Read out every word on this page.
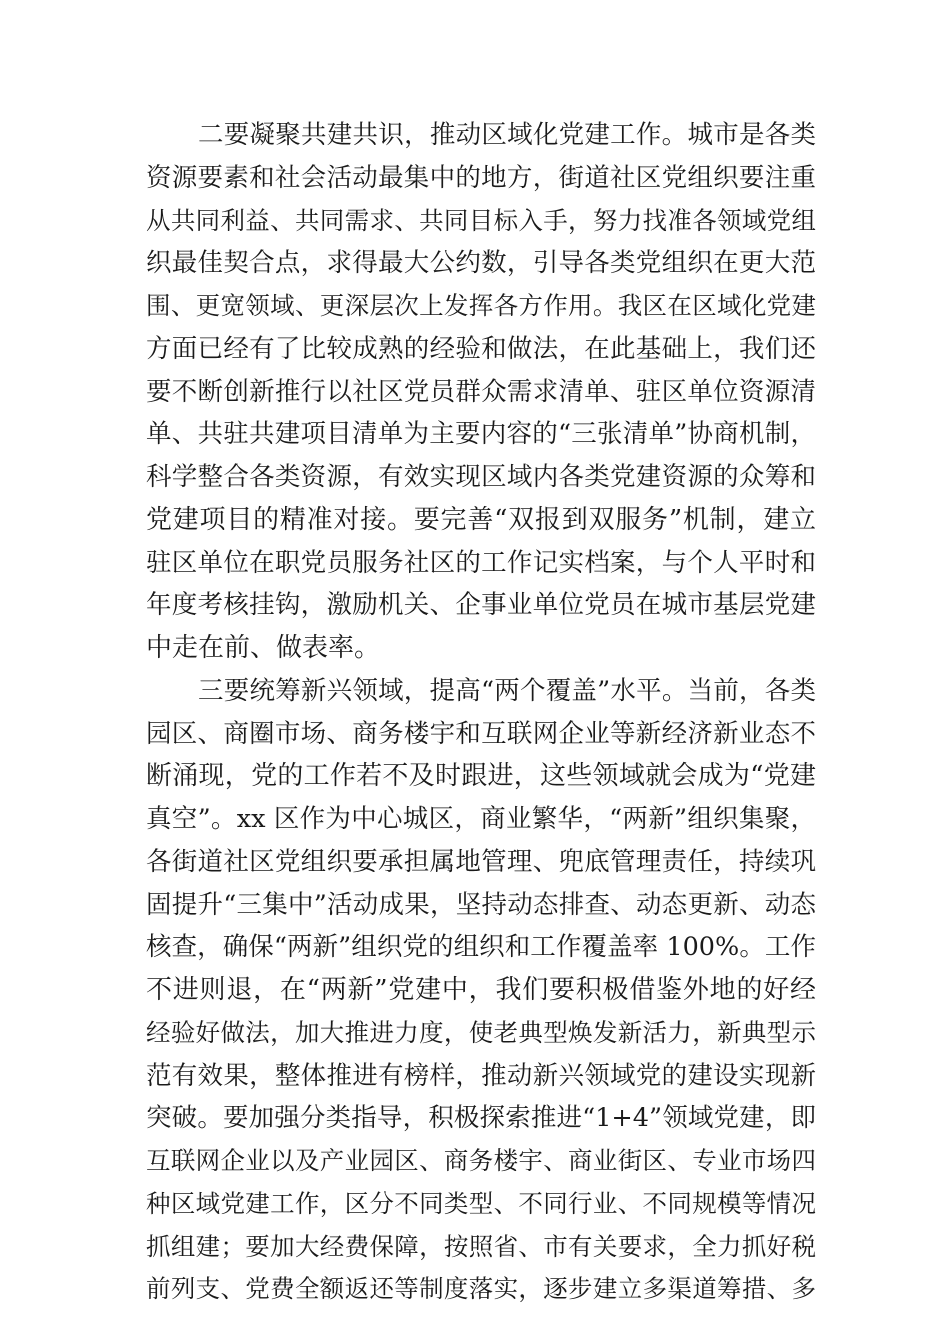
二要凝聚共建共识，推动区域化党建工作。城市是各类
资源要素和社会活动最集中的地方，街道社区党组织要注重
从共同利益、共同需求、共同目标入手，努力找准各领域党组
织最佳契合点，求得最大公约数，引导各类党组织在更大范
围、更宽领域、更深层次上发挥各方作用。我区在区域化党建
方面已经有了比较成熟的经验和做法，在此基础上，我们还
要不断创新推行以社区党员群众需求清单、驻区单位资源清
单、共驻共建项目清单为主要内容的“三张清单”协商机制，
科学整合各类资源，有效实现区域内各类党建资源的众筹和
党建项目的精准对接。要完善“双报到双服务”机制，建立
驻区单位在职党员服务社区的工作记实档案，与个人平时和
年度考核挂钩，激励机关、企事业单位党员在城市基层党建
中走在前、做表率。
三要统筹新兴领域，提高“两个覆盖”水平。当前，各类
园区、商圈市场、商务楼宇和互联网企业等新经济新业态不
断涌现，党的工作若不及时跟进，这些领域就会成为“党建
真空”。xx 区作为中心城区，商业繁华，“两新”组织集聚，
各街道社区党组织要承担属地管理、兜底管理责任，持续巩
固提升“三集中”活动成果，坚持动态排查、动态更新、动态
核查，确保“两新”组织党的组织和工作覆盖率 100%。工作
不进则退，在“两新”党建中，我们要积极借鉴外地的好经
经验好做法，加大推进力度，使老典型焕发新活力，新典型示
范有效果，整体推进有榜样，推动新兴领域党的建设实现新
突破。要加强分类指导，积极探索推进“1+4”领域党建，即
互联网企业以及产业园区、商务楼宇、商业街区、专业市场四
种区域党建工作，区分不同类型、不同行业、不同规模等情况
抓组建；要加大经费保障，按照省、市有关要求，全力抓好税
前列支、党费全额返还等制度落实，逐步建立多渠道筹措、多
